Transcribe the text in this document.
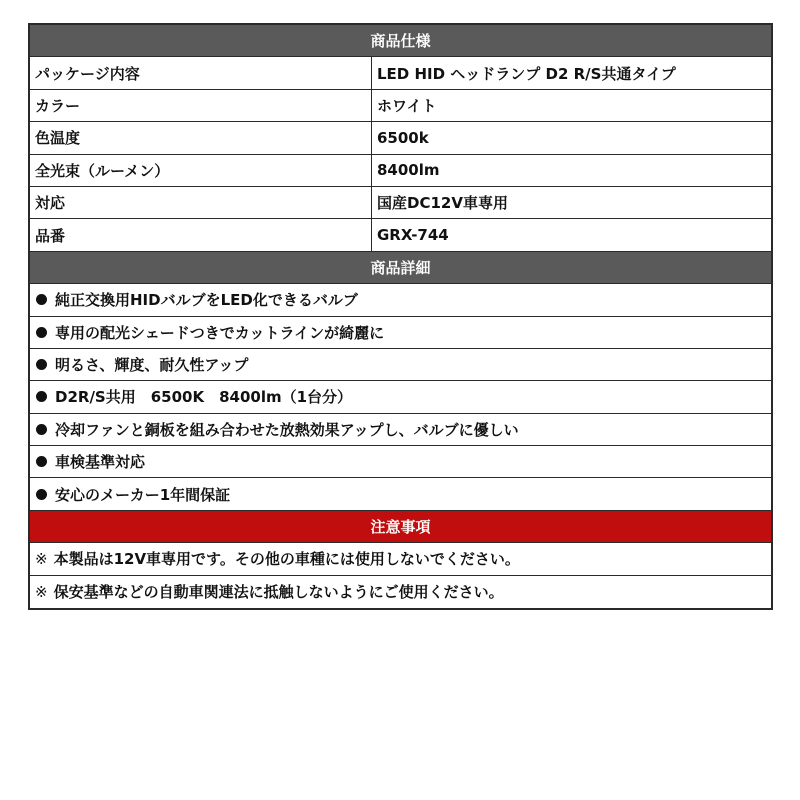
商品仕様
パッケージ内容	LED HID ヘッドランプ D2 R/S共通タイプ
カラー	ホワイト
色温度	6500k
全光束（ルーメン）	8400lm
対応	国産DC12V車専用
品番	GRX-744
商品詳細
純正交換用HIDバルブをLED化できるバルブ
専用の配光シェードつきでカットラインが綺麗に
明るさ、輝度、耐久性アップ
D2R/S共用　6500K　8400lm（1台分）
冷却ファンと銅板を組み合わせた放熱効果アップし、バルブに優しい
車検基準対応
安心のメーカー1年間保証
注意事項
※ 本製品は12V車専用です。その他の車種には使用しないでください。
※ 保安基準などの自動車関連法に抵触しないようにご使用ください。
